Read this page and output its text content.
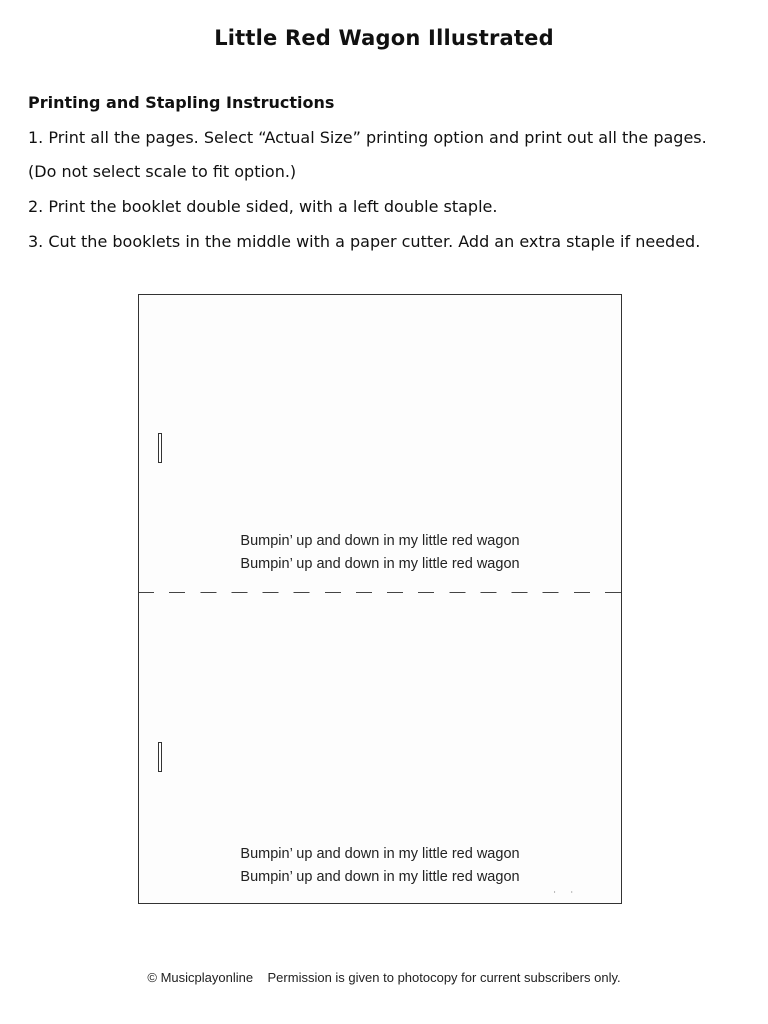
Little Red Wagon Illustrated
Printing and Stapling Instructions
1. Print all the pages. Select “Actual Size” printing option and print out all the pages.
(Do not select scale to fit option.)
2. Print the booklet double sided, with a left double staple.
3. Cut the booklets in the middle with a paper cutter. Add an extra staple if needed.
Bumpin’ up and down in my little red wagon
Bumpin’ up and down in my little red wagon
Bumpin’ up and down in my little red wagon
Bumpin’ up and down in my little red wagon
· ·
© Musicplayonline Permission is given to photocopy for current subscribers only.
